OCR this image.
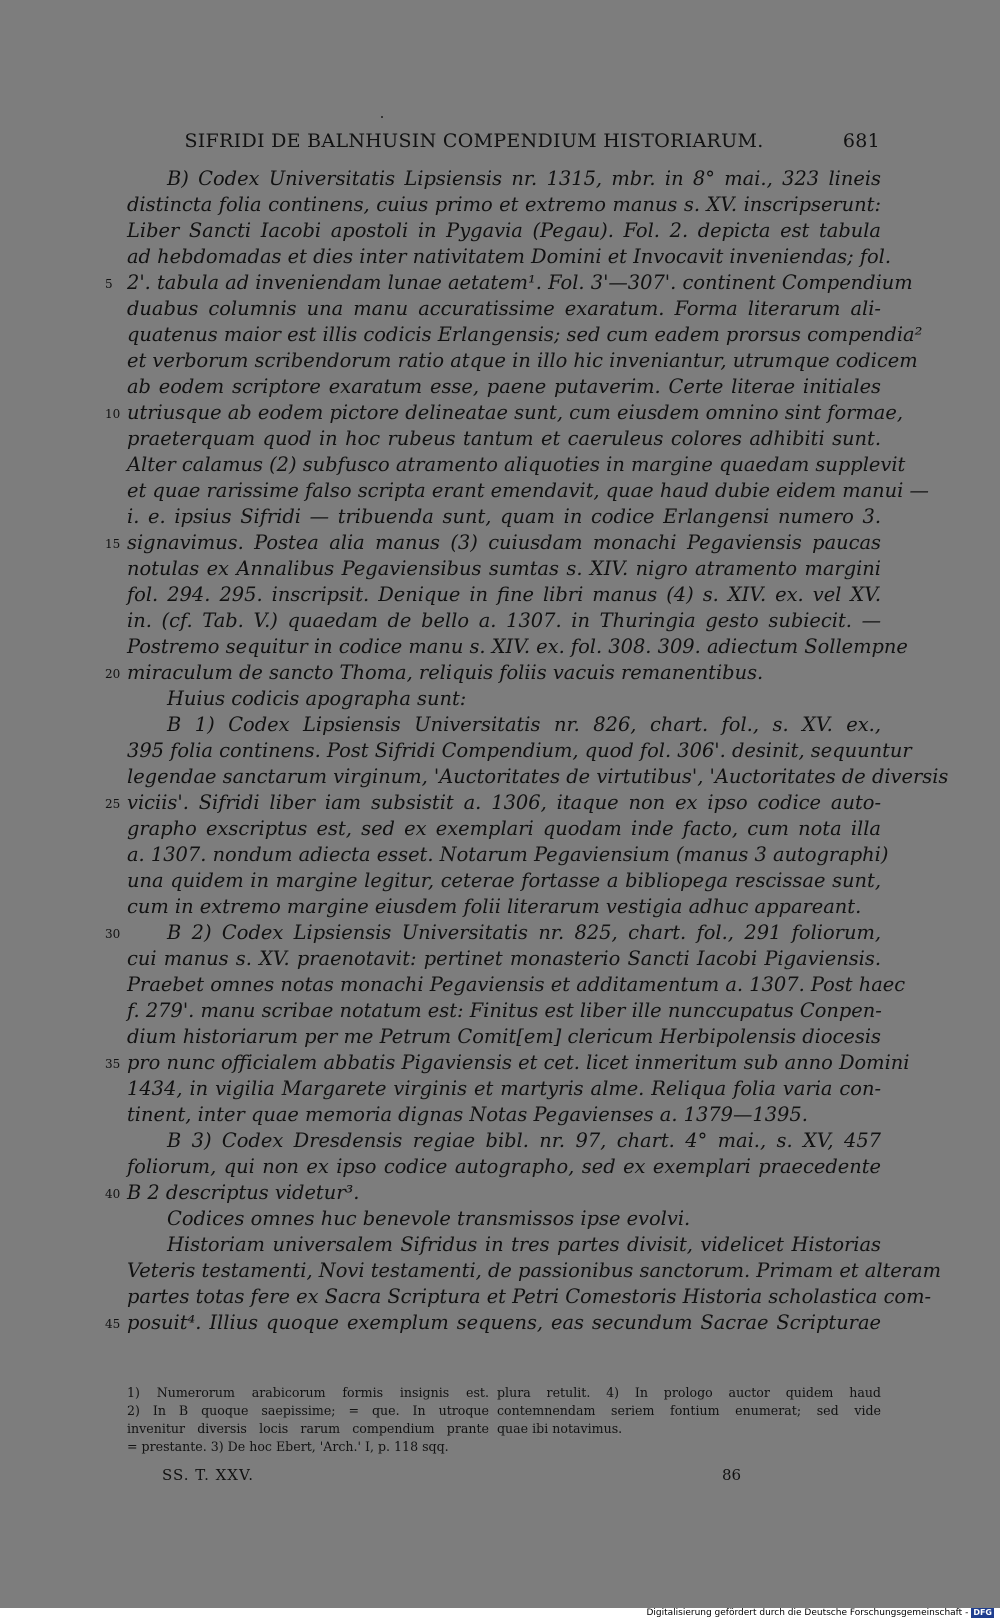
SIFRIDI DE BALNHUSIN COMPENDIUM HISTORIARUM.	681
B) Codex Universitatis Lipsiensis nr. 1315, mbr. in 8° mai., 323 lineis
distincta folia continens, cuius primo et extremo manus s. XV. inscripserunt:
Liber Sancti Iacobi apostoli in Pygavia (Pegau). Fol. 2. depicta est tabula
ad hebdomadas et dies inter nativitatem Domini et Invocavit inveniendas; fol.
5 2'. tabula ad inveniendam lunae aetatem¹. Fol. 3'—307'. continent Compendium
duabus columnis una manu accuratissime exaratum. Forma literarum ali-
quatenus maior est illis codicis Erlangensis; sed cum eadem prorsus compendia²
et verborum scribendorum ratio atque in illo hic inveniantur, utrumque codicem
ab eodem scriptore exaratum esse, paene putaverim. Certe literae initiales
10 utriusque ab eodem pictore delineatae sunt, cum eiusdem omnino sint formae,
praeterquam quod in hoc rubeus tantum et caeruleus colores adhibiti sunt.
Alter calamus (2) subfusco atramento aliquoties in margine quaedam supplevit
et quae rarissime falso scripta erant emendavit, quae haud dubie eidem manui —
i. e. ipsius Sifridi — tribuenda sunt, quam in codice Erlangensi numero 3.
15 signavimus. Postea alia manus (3) cuiusdam monachi Pegaviensis paucas
notulas ex Annalibus Pegaviensibus sumtas s. XIV. nigro atramento margini
fol. 294. 295. inscripsit. Denique in fine libri manus (4) s. XIV. ex. vel XV.
in. (cf. Tab. V.) quaedam de bello a. 1307. in Thuringia gesto subiecit. —
Postremo sequitur in codice manu s. XIV. ex. fol. 308. 309. adiectum Sollempne
20 miraculum de sancto Thoma, reliquis foliis vacuis remanentibus.
Huius codicis apographa sunt:
B 1) Codex Lipsiensis Universitatis nr. 826, chart. fol., s. XV. ex.,
395 folia continens. Post Sifridi Compendium, quod fol. 306'. desinit, sequuntur
legendae sanctarum virginum, 'Auctoritates de virtutibus', 'Auctoritates de diversis
25 viciis'. Sifridi liber iam subsistit a. 1306, itaque non ex ipso codice auto-
grapho exscriptus est, sed ex exemplari quodam inde facto, cum nota illa
a. 1307. nondum adiecta esset. Notarum Pegaviensium (manus 3 autographi)
una quidem in margine legitur, ceterae fortasse a bibliopega rescissae sunt,
cum in extremo margine eiusdem folii literarum vestigia adhuc appareant.
30 B 2) Codex Lipsiensis Universitatis nr. 825, chart. fol., 291 foliorum,
cui manus s. XV. praenotavit: pertinet monasterio Sancti Iacobi Pigaviensis.
Praebet omnes notas monachi Pegaviensis et additamentum a. 1307. Post haec
f. 279'. manu scribae notatum est: Finitus est liber ille nunccupatus Conpen-
dium historiarum per me Petrum Comit[em] clericum Herbipolensis diocesis
35 pro nunc officialem abbatis Pigaviensis et cet. licet inmeritum sub anno Domini
1434, in vigilia Margarete virginis et martyris alme. Reliqua folia varia con-
tinent, inter quae memoria dignas Notas Pegavienses a. 1379—1395.
B 3) Codex Dresdensis regiae bibl. nr. 97, chart. 4° mai., s. XV, 457
foliorum, qui non ex ipso codice autographo, sed ex exemplari praecedente
40 B 2 descriptus videtur³.
Codices omnes huc benevole transmissos ipse evolvi.
Historiam universalem Sifridus in tres partes divisit, videlicet Historias
Veteris testamenti, Novi testamenti, de passionibus sanctorum. Primam et alteram
partes totas fere ex Sacra Scriptura et Petri Comestoris Historia scholastica com-
45 posuit⁴. Illius quoque exemplum sequens, eas secundum Sacrae Scripturae
1) Numerorum arabicorum formis insignis est.
2) In B quoque saepissime; = que. In utroque
invenitur diversis locis rarum compendium prante
= prestante. 3) De hoc Ebert, 'Arch.' I, p. 118 sqq.
plura retulit. 4) In prologo auctor quidem haud
contemnendam seriem fontium enumerat; sed vide
quae ibi notavimus.
SS. T. XXV.	86
Digitalisierung gefördert durch die Deutsche Forschungsgemeinschaft - DFG
